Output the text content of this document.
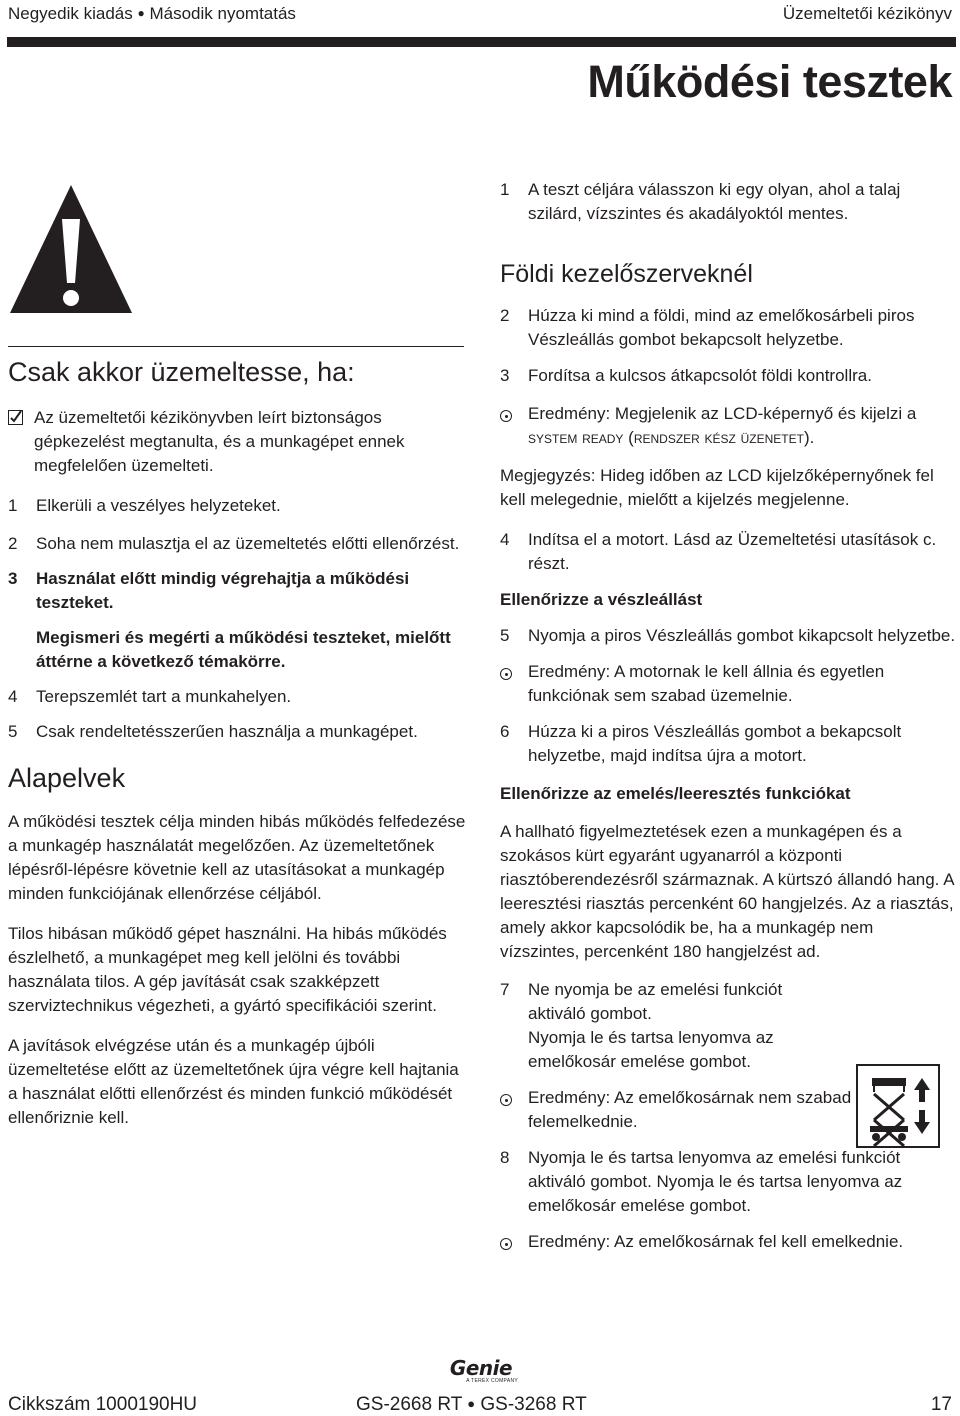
Negyedik kiadás ● Második nyomtatás	Üzemeltetői kézikönyv
Működési tesztek
Csak akkor üzemeltesse, ha:
Az üzemeltetői kézikönyvben leírt biztonságos gépkezelést megtanulta, és a munkagépet ennek megfelelően üzemelteti.
1	Elkerüli a veszélyes helyzeteket.
2	Soha nem mulasztja el az üzemeltetés előtti ellenőrzést.
3	Használat előtt mindig végrehajtja a működési teszteket.
Megismeri és megérti a működési teszteket, mielőtt áttérne a következő témakörre.
4	Terepszemlét tart a munkahelyen.
5	Csak rendeltetésszerűen használja a munkagépet.
Alapelvek

A működési tesztek célja minden hibás működés felfedezése a munkagép használatát megelőzően. Az üzemeltetőnek lépésről-lépésre követnie kell az utasításokat a munkagép minden funkciójának ellenőrzése céljából.

Tilos hibásan működő gépet használni. Ha hibás működés észlelhető, a munkagépet meg kell jelölni és további használata tilos. A gép javítását csak szakképzett szerviztechnikus végezheti, a gyártó specifikációi szerint.

A javítások elvégzése után és a munkagép újbóli üzemeltetése előtt az üzemeltetőnek újra végre kell hajtania a használat előtti ellenőrzést és minden funkció működését ellenőriznie kell.

1	A teszt céljára válasszon ki egy olyan, ahol a talaj szilárd, vízszintes és akadályoktól mentes.
Földi kezelőszerveknél
2	Húzza ki mind a földi, mind az emelőkosárbeli piros Vészleállás gombot bekapcsolt helyzetbe.
3	Fordítsa a kulcsos átkapcsolót földi kontrollra.
Eredmény: Megjelenik az LCD-képernyő és kijelzi a system ready (rendszer kész üzenetet).
Megjegyzés: Hideg időben az LCD kijelzőképernyőnek fel kell melegednie, mielőtt a kijelzés megjelenne.
4	Indítsa el a motort. Lásd az Üzemeltetési utasítások c. részt.
Ellenőrizze a vészleállást
5	Nyomja a piros Vészleállás gombot kikapcsolt helyzetbe.
Eredmény: A motornak le kell állnia és egyetlen funkciónak sem szabad üzemelnie.
6	Húzza ki a piros Vészleállás gombot a bekapcsolt helyzetbe, majd indítsa újra a motort.
Ellenőrizze az emelés/leeresztés funkciókat
A hallható figyelmeztetések ezen a munkagépen és a szokásos kürt egyaránt ugyanarról a központi riasztóberendezésről származnak. A kürtszó állandó hang. A leeresztési riasztás percenként 60 hangjelzés. Az a riasztás, amely akkor kapcsolódik be, ha a munkagép nem vízszintes, percenként 180 hangjelzést ad.
7	Ne nyomja be az emelési funkciót aktiváló gombot.
Nyomja le és tartsa lenyomva az emelőkosár emelése gombot.
Eredmény: Az emelőkosárnak nem szabad felemelkednie.
8	Nyomja le és tartsa lenyomva az emelési funkciót aktiváló gombot. Nyomja le és tartsa lenyomva az emelőkosár emelése gombot.
Eredmény: Az emelőkosárnak fel kell emelkednie.
Genie
A TEREX COMPANY
Cikkszám 1000190HU	GS-2668 RT ● GS-3268 RT	17
